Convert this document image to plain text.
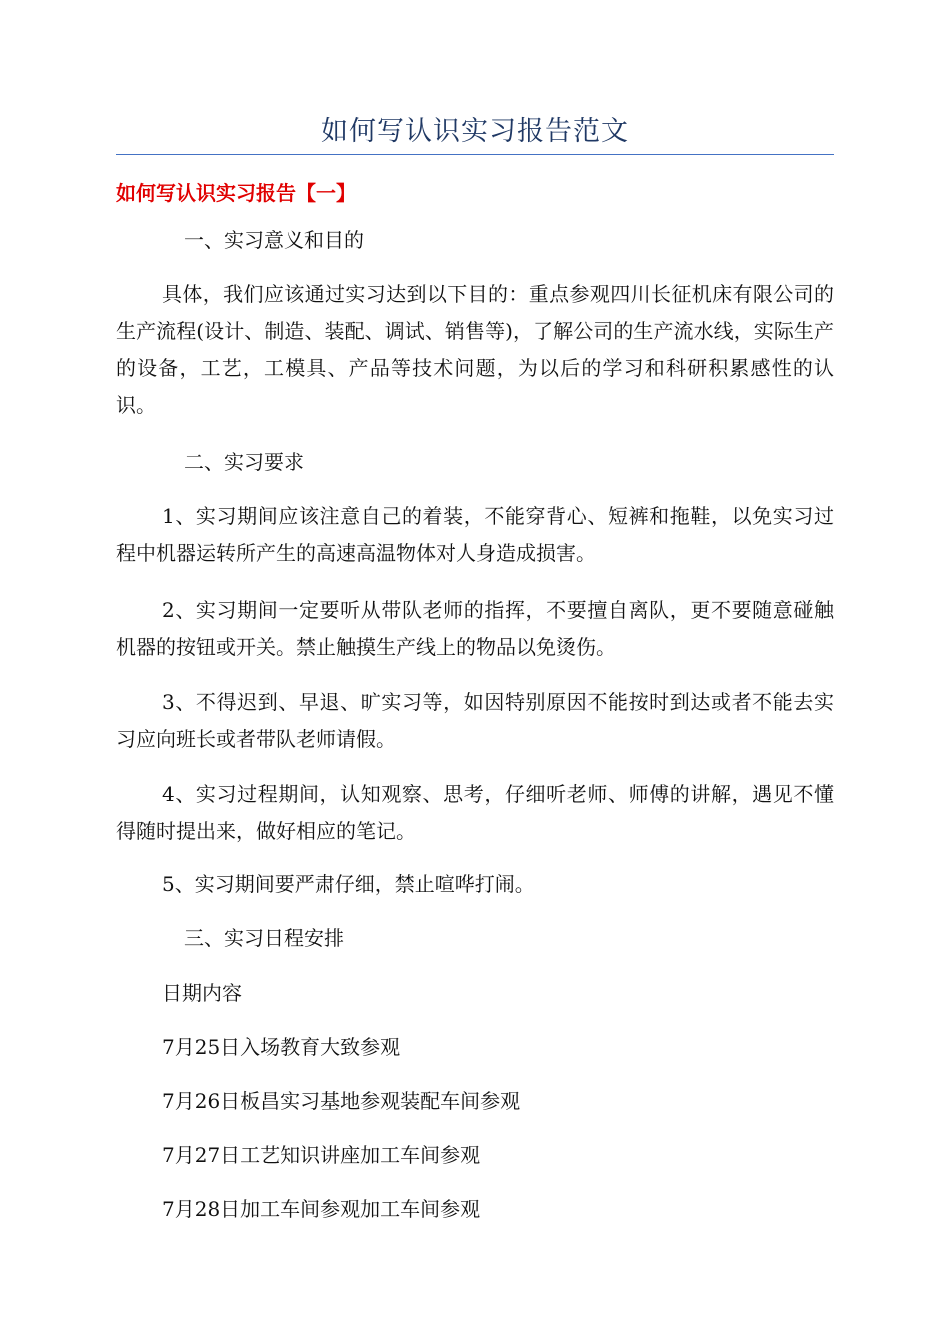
如何写认识实习报告范文
如何写认识实习报告【一】
一、实习意义和目的

具体，我们应该通过实习达到以下目的：重点参观四川长征机床有限公司的生产流程(设计、制造、装配、调试、销售等)，了解公司的生产流水线，实际生产的设备，工艺，工模具、产品等技术问题，为以后的学习和科研积累感性的认识。

二、实习要求

1、实习期间应该注意自己的着装，不能穿背心、短裤和拖鞋，以免实习过程中机器运转所产生的高速高温物体对人身造成损害。

2、实习期间一定要听从带队老师的指挥，不要擅自离队，更不要随意碰触机器的按钮或开关。禁止触摸生产线上的物品以免烫伤。

3、不得迟到、早退、旷实习等，如因特别原因不能按时到达或者不能去实习应向班长或者带队老师请假。

4、实习过程期间，认知观察、思考，仔细听老师、师傅的讲解，遇见不懂得随时提出来，做好相应的笔记。

5、实习期间要严肃仔细，禁止喧哗打闹。
三、实习日程安排
日期内容
7月25日入场教育大致参观
7月26日板昌实习基地参观装配车间参观
7月27日工艺知识讲座加工车间参观
7月28日加工车间参观加工车间参观
